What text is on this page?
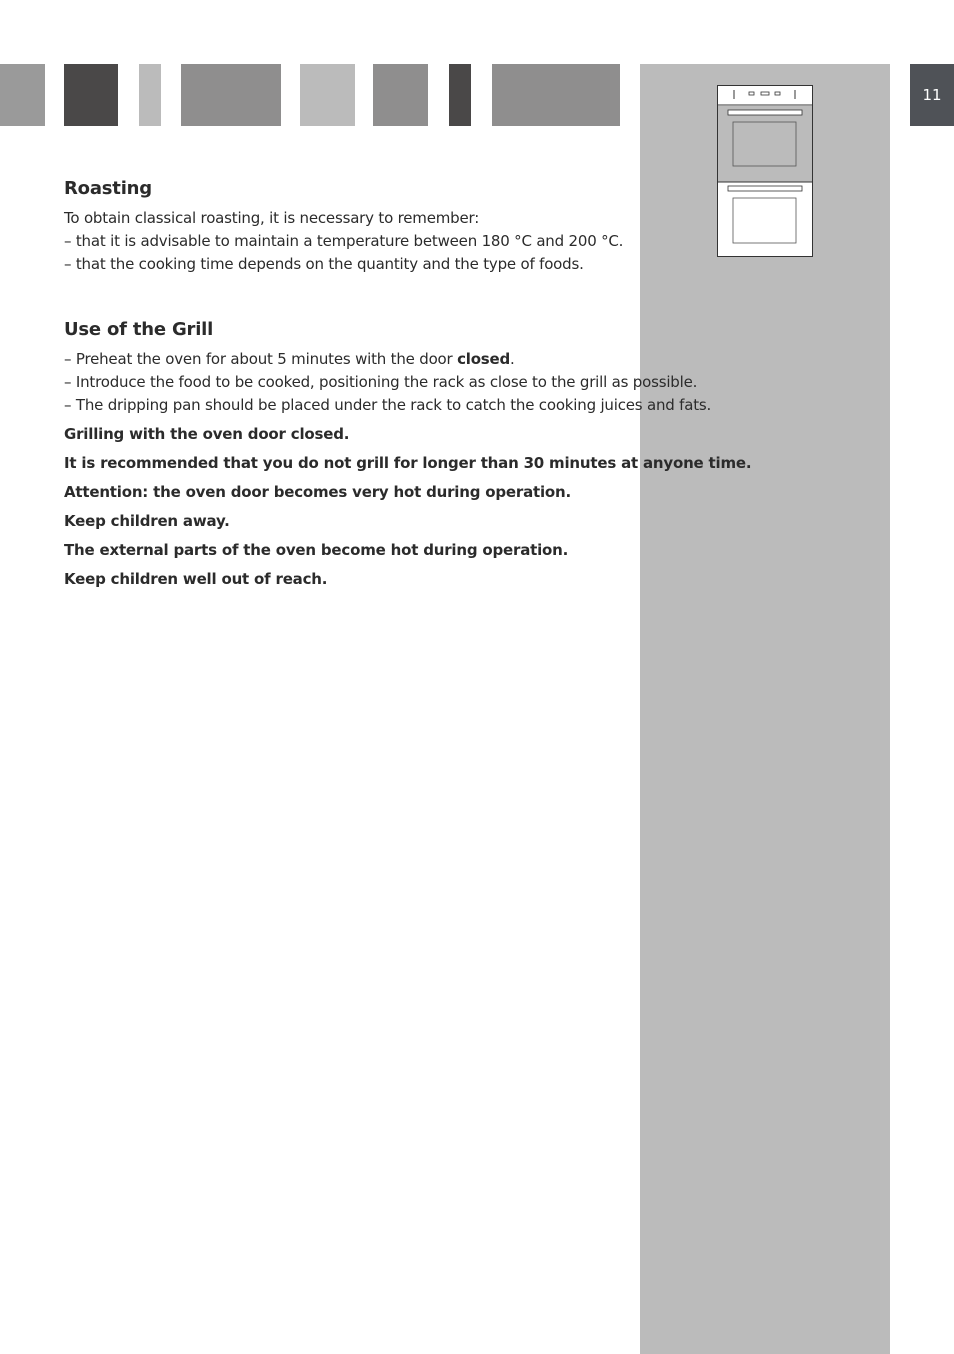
11
Roasting

To obtain classical roasting, it is necessary to remember:

– that it is advisable to maintain a temperature between 180 °C and 200 °C.

– that the cooking time depends on the quantity and the type of foods.

Use of the Grill

– Preheat the oven for about 5 minutes with the door closed.

– Introduce the food to be cooked, positioning the rack as close to the grill as possible.

– The dripping pan should be placed under the rack to catch the cooking juices and fats.

Grilling with the oven door closed.

It is recommended that you do not grill for longer than 30 minutes at anyone time.

Attention: the oven door becomes very hot during operation.

Keep children away.

The external parts of the oven become hot during operation.

Keep children well out of reach.
